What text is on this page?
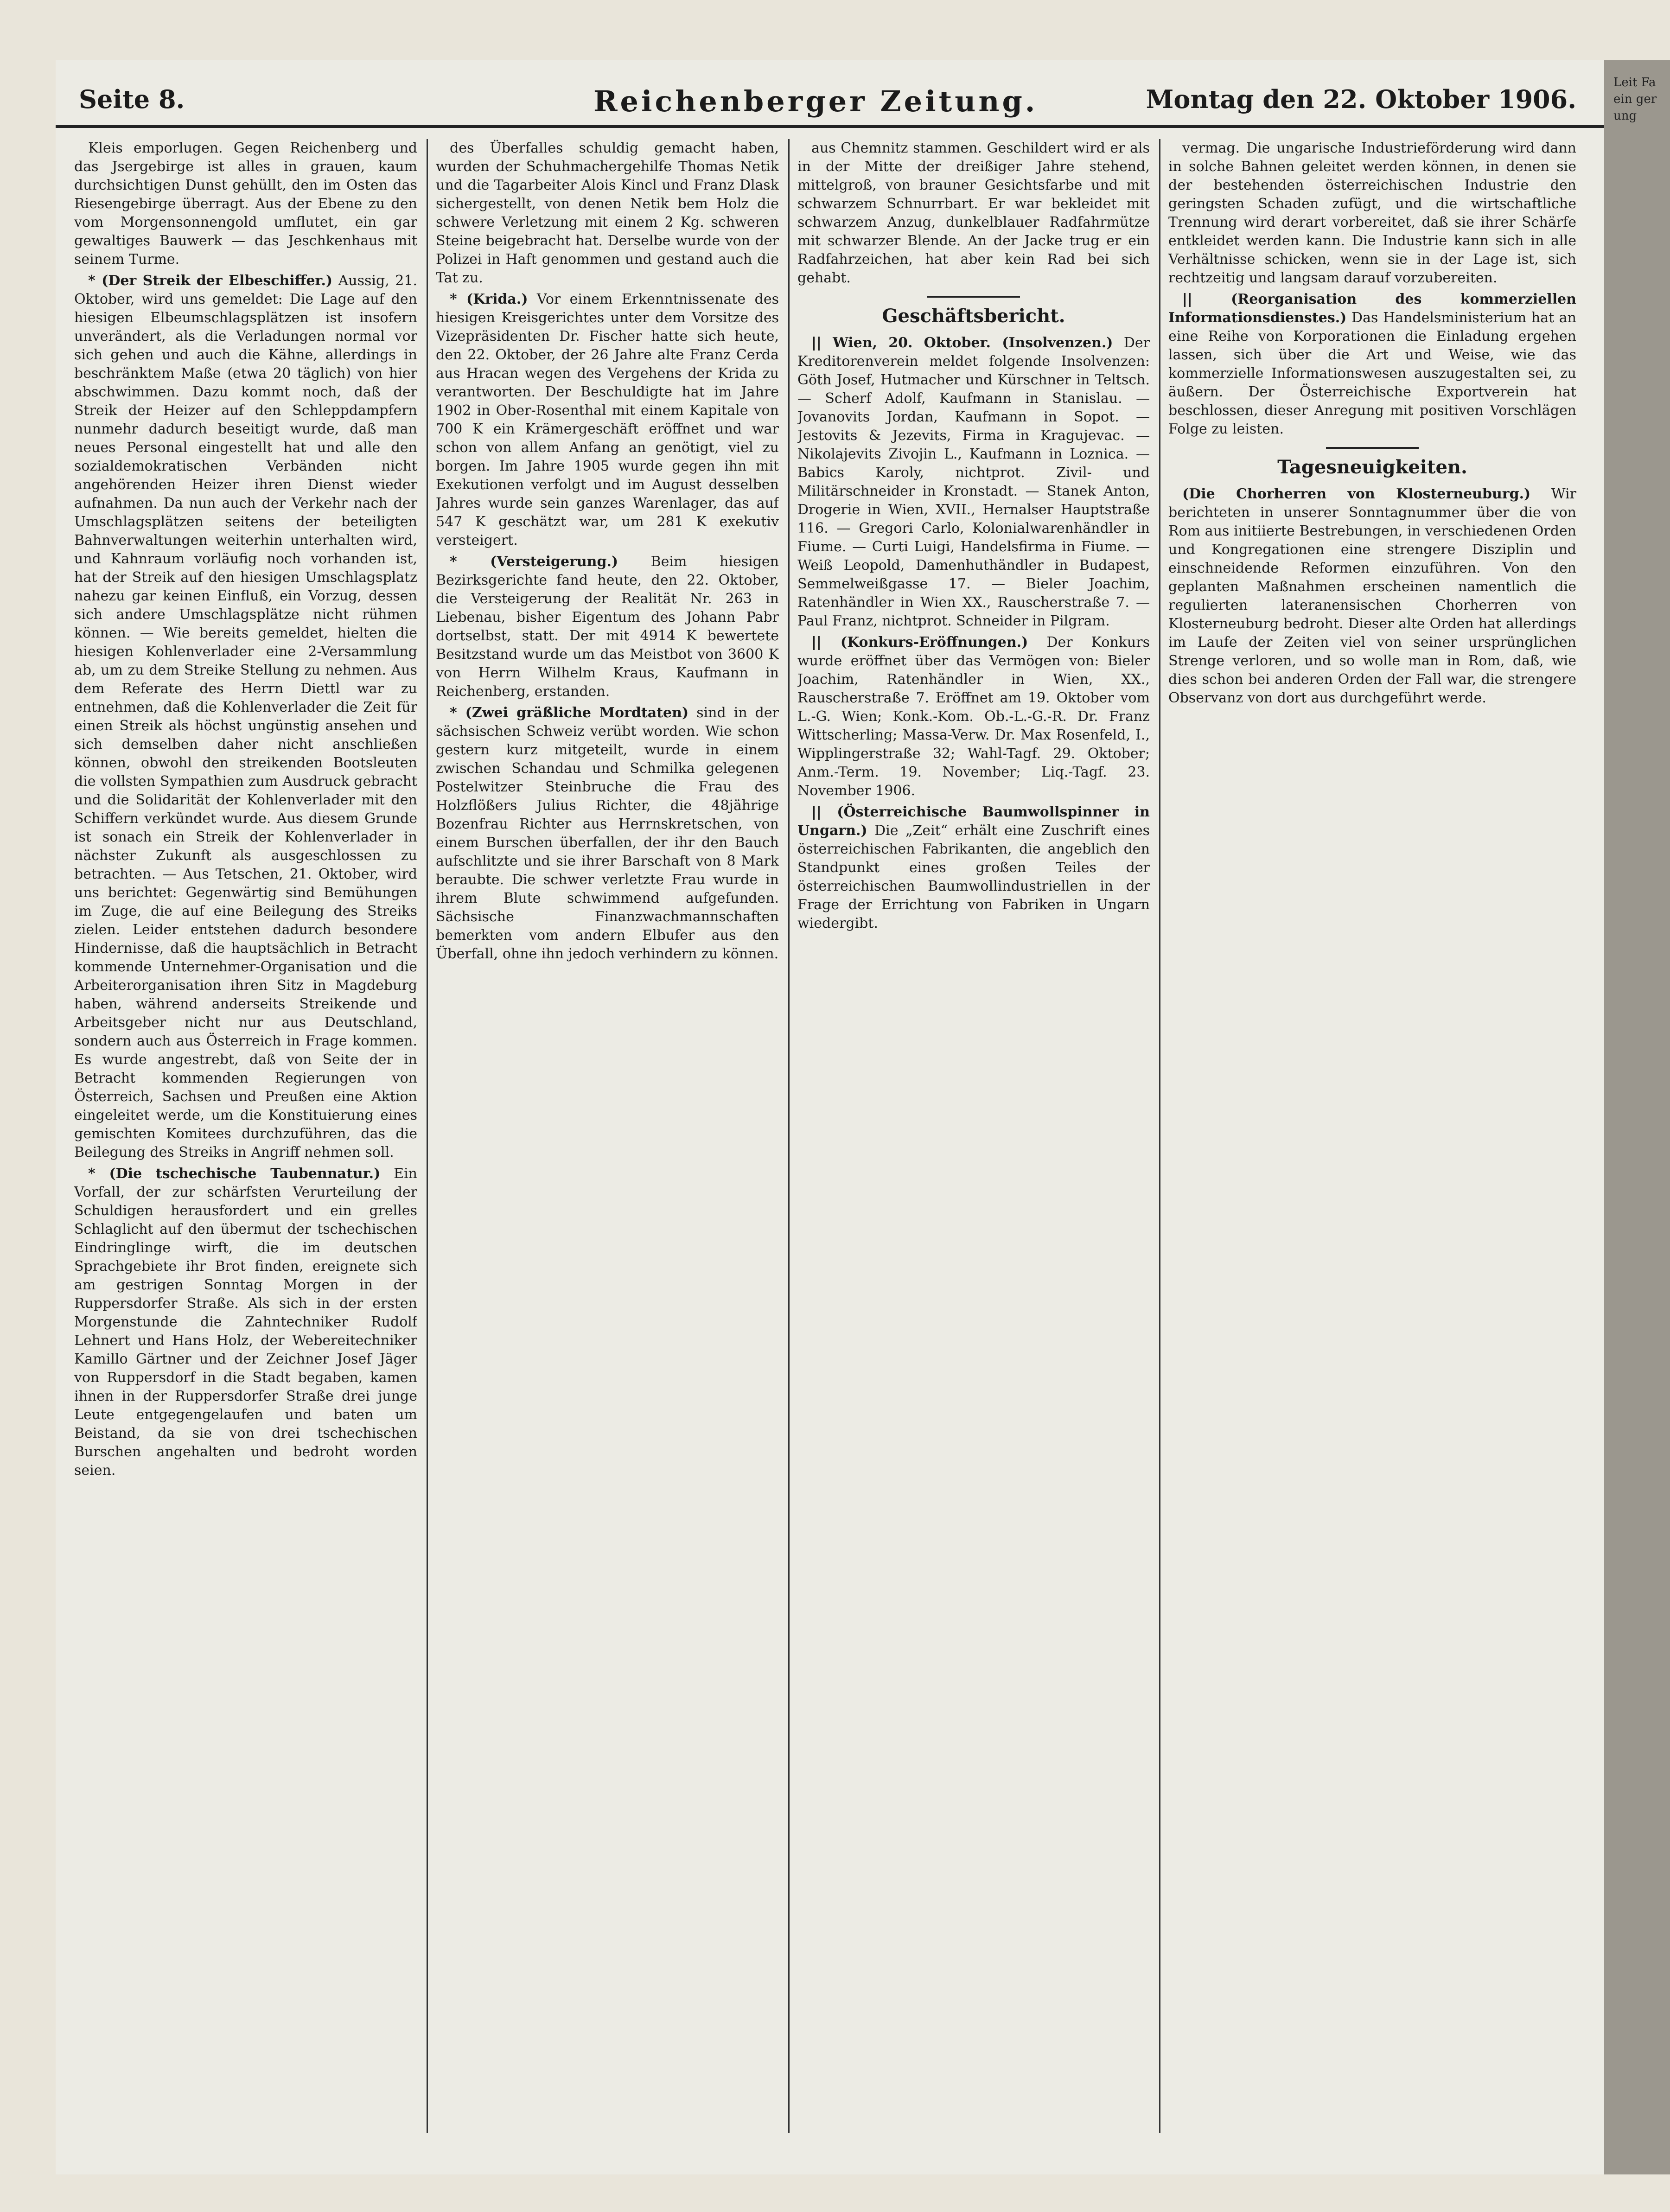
Seite 8.	Reichenberger Zeitung.	Montag den 22. Oktober 1906.

Kleis emporlugen. Gegen Reichenberg und das Jsergebirge ist alles in grauen, kaum durchsichtigen Dunst gehüllt, den im Osten das Riesengebirge überragt. Aus der Ebene zu den vom Morgensonnengold umflutet, ein gar gewaltiges Bauwerk — das Jeschkenhaus mit seinem Turme.

* (Der Streik der Elbeschiffer.) Aussig, 21. Oktober, wird uns gemeldet: Die Lage auf den hiesigen Elbeumschlagsplätzen ist insofern unverändert, als die Verladungen normal vor sich gehen und auch die Kähne, allerdings in beschränktem Maße (etwa 20 täglich) von hier abschwimmen. Dazu kommt noch, daß der Streik der Heizer auf den Schleppdampfern nunmehr dadurch beseitigt wurde, daß man neues Personal eingestellt hat und alle den sozialdemokratischen Verbänden nicht angehörenden Heizer ihren Dienst wieder aufnahmen. Da nun auch der Verkehr nach der Umschlagsplätzen seitens der beteiligten Bahnverwaltungen weiterhin unterhalten wird, und Kahnraum vorläufig noch vorhanden ist, hat der Streik auf den hiesigen Umschlagsplatz nahezu gar keinen Einfluß, ein Vorzug, dessen sich andere Umschlagsplätze nicht rühmen können. — Wie bereits gemeldet, hielten die hiesigen Kohlenverlader eine 2-Versammlung ab, um zu dem Streike Stellung zu nehmen. Aus dem Referate des Herrn Diettl war zu entnehmen, daß die Kohlenverlader die Zeit für einen Streik als höchst ungünstig ansehen und sich demselben daher nicht anschließen können, obwohl den streikenden Bootsleuten die vollsten Sympathien zum Ausdruck gebracht und die Solidarität der Kohlenverlader mit den Schiffern verkündet wurde. Aus diesem Grunde ist sonach ein Streik der Kohlenverlader in nächster Zukunft als ausgeschlossen zu betrachten. — Aus Tetschen, 21. Oktober, wird uns berichtet: Gegenwärtig sind Bemühungen im Zuge, die auf eine Beilegung des Streiks zielen. Leider entstehen dadurch besondere Hindernisse, daß die hauptsächlich in Betracht kommende Unternehmer-Organisation und die Arbeiterorganisation ihren Sitz in Magdeburg haben, während anderseits Streikende und Arbeitsgeber nicht nur aus Deutschland, sondern auch aus Österreich in Frage kommen. Es wurde angestrebt, daß von Seite der in Betracht kommenden Regierungen von Österreich, Sachsen und Preußen eine Aktion eingeleitet werde, um die Konstituierung eines gemischten Komitees durchzuführen, das die Beilegung des Streiks in Angriff nehmen soll.

* (Die tschechische Taubennatur.) Ein Vorfall, der zur schärfsten Verurteilung der Schuldigen herausfordert und ein grelles Schlaglicht auf den übermut der tschechischen Eindringlinge wirft, die im deutschen Sprachgebiete ihr Brot finden, ereignete sich am gestrigen Sonntag Morgen in der Ruppersdorfer Straße. Als sich in der ersten Morgenstunde die Zahntechniker Rudolf Lehnert und Hans Holz, der Webereitechniker Kamillo Gärtner und der Zeichner Josef Jäger von Ruppersdorf in die Stadt begaben, kamen ihnen in der Ruppersdorfer Straße drei junge Leute entgegengelaufen und baten um Beistand, da sie von drei tschechischen Burschen angehalten und bedroht worden seien.

des Überfalles schuldig gemacht haben, wurden der Schuhmachergehilfe Thomas Netik und die Tagarbeiter Alois Kincl und Franz Dlask sichergestellt, von denen Netik bem Holz die schwere Verletzung mit einem 2 Kg. schweren Steine beigebracht hat. Derselbe wurde von der Polizei in Haft genommen und gestand auch die Tat zu.

* (Krida.) Vor einem Erkenntnissenate des hiesigen Kreisgerichtes unter dem Vorsitze des Vizepräsidenten Dr. Fischer hatte sich heute, den 22. Oktober, der 26 Jahre alte Franz Cerda aus Hracan wegen des Vergehens der Krida zu verantworten. Der Beschuldigte hat im Jahre 1902 in Ober-Rosenthal mit einem Kapitale von 700 K ein Krämergeschäft eröffnet und war schon von allem Anfang an genötigt, viel zu borgen. Im Jahre 1905 wurde gegen ihn mit Exekutionen verfolgt und im August desselben Jahres wurde sein ganzes Warenlager, das auf 547 K geschätzt war, um 281 K exekutiv versteigert.

* (Versteigerung.) Beim hiesigen Bezirksgerichte fand heute, den 22. Oktober, die Versteigerung der Realität Nr. 263 in Liebenau, bisher Eigentum des Johann Pabr dortselbst, statt. Der mit 4914 K bewertete Besitzstand wurde um das Meistbot von 3600 K von Herrn Wilhelm Kraus, Kaufmann in Reichenberg, erstanden.

* (Zwei gräßliche Mordtaten) sind in der sächsischen Schweiz verübt worden. Wie schon gestern kurz mitgeteilt, wurde in einem zwischen Schandau und Schmilka gelegenen Postelwitzer Steinbruche die Frau des Holzflößers Julius Richter, die 48jährige Bozenfrau Richter aus Herrnskretschen, von einem Burschen überfallen, der ihr den Bauch aufschlitzte und sie ihrer Barschaft von 8 Mark beraubte. Die schwer verletzte Frau wurde in ihrem Blute schwimmend aufgefunden. Sächsische Finanzwachmannschaften bemerkten vom andern Elbufer aus den Überfall, ohne ihn jedoch verhindern zu können.

aus Chemnitz stammen. Geschildert wird er als in der Mitte der dreißiger Jahre stehend, mittelgroß, von brauner Gesichtsfarbe und mit schwarzem Schnurrbart. Er war bekleidet mit schwarzem Anzug, dunkelblauer Radfahrmütze mit schwarzer Blende. An der Jacke trug er ein Radfahrzeichen, hat aber kein Rad bei sich gehabt.

Geschäftsbericht.

|| Wien, 20. Oktober. (Insolvenzen.) Der Kreditorenverein meldet folgende Insolvenzen: Göth Josef, Hutmacher und Kürschner in Teltsch. — Scherf Adolf, Kaufmann in Stanislau. — Jovanovits Jordan, Kaufmann in Sopot. — Jestovits & Jezevits, Firma in Kragujevac. — Nikolajevits Zivojin L., Kaufmann in Loznica. — Babics Karoly, nichtprot. Zivil- und Militärschneider in Kronstadt. — Stanek Anton, Drogerie in Wien, XVII., Hernalser Hauptstraße 116. — Gregori Carlo, Kolonialwarenhändler in Fiume. — Curti Luigi, Handelsfirma in Fiume. — Weiß Leopold, Damenhuthändler in Budapest, Semmelweißgasse 17. — Bieler Joachim, Ratenhändler in Wien XX., Rauscherstraße 7. — Paul Franz, nichtprot. Schneider in Pilgram.

|| (Konkurs-Eröffnungen.) Der Konkurs wurde eröffnet über das Vermögen von: Bieler Joachim, Ratenhändler in Wien, XX., Rauscherstraße 7. Eröffnet am 19. Oktober vom L.-G. Wien; Konk.-Kom. Ob.-L.-G.-R. Dr. Franz Wittscherling; Massa-Verw. Dr. Max Rosenfeld, I., Wipplingerstraße 32; Wahl-Tagf. 29. Oktober; Anm.-Term. 19. November; Liq.-Tagf. 23. November 1906.

|| (Österreichische Baumwollspinner in Ungarn.) Die „Zeit“ erhält eine Zuschrift eines österreichischen Fabrikanten, die angeblich den Standpunkt eines großen Teiles der österreichischen Baumwollindustriellen in der Frage der Errichtung von Fabriken in Ungarn wiedergibt.

vermag. Die ungarische Industrieförderung wird dann in solche Bahnen geleitet werden können, in denen sie der bestehenden österreichischen Industrie den geringsten Schaden zufügt, und die wirtschaftliche Trennung wird derart vorbereitet, daß sie ihrer Schärfe entkleidet werden kann. Die Industrie kann sich in alle Verhältnisse schicken, wenn sie in der Lage ist, sich rechtzeitig und langsam darauf vorzubereiten.

|| (Reorganisation des kommerziellen Informationsdienstes.) Das Handelsministerium hat an eine Reihe von Korporationen die Einladung ergehen lassen, sich über die Art und Weise, wie das kommerzielle Informationswesen auszugestalten sei, zu äußern. Der Österreichische Exportverein hat beschlossen, dieser Anregung mit positiven Vorschlägen Folge zu leisten.

Tagesneuigkeiten.

(Die Chorherren von Klosterneuburg.) Wir berichteten in unserer Sonntagnummer über die von Rom aus initiierte Bestrebungen, in verschiedenen Orden und Kongregationen eine strengere Disziplin und einschneidende Reformen einzuführen. Von den geplanten Maßnahmen erscheinen namentlich die regulierten lateranensischen Chorherren von Klosterneuburg bedroht. Dieser alte Orden hat allerdings im Laufe der Zeiten viel von seiner ursprünglichen Strenge verloren, und so wolle man in Rom, daß, wie dies schon bei anderen Orden der Fall war, die strengere Observanz von dort aus durchgeführt werde.

Leit Fa ein ger ung
